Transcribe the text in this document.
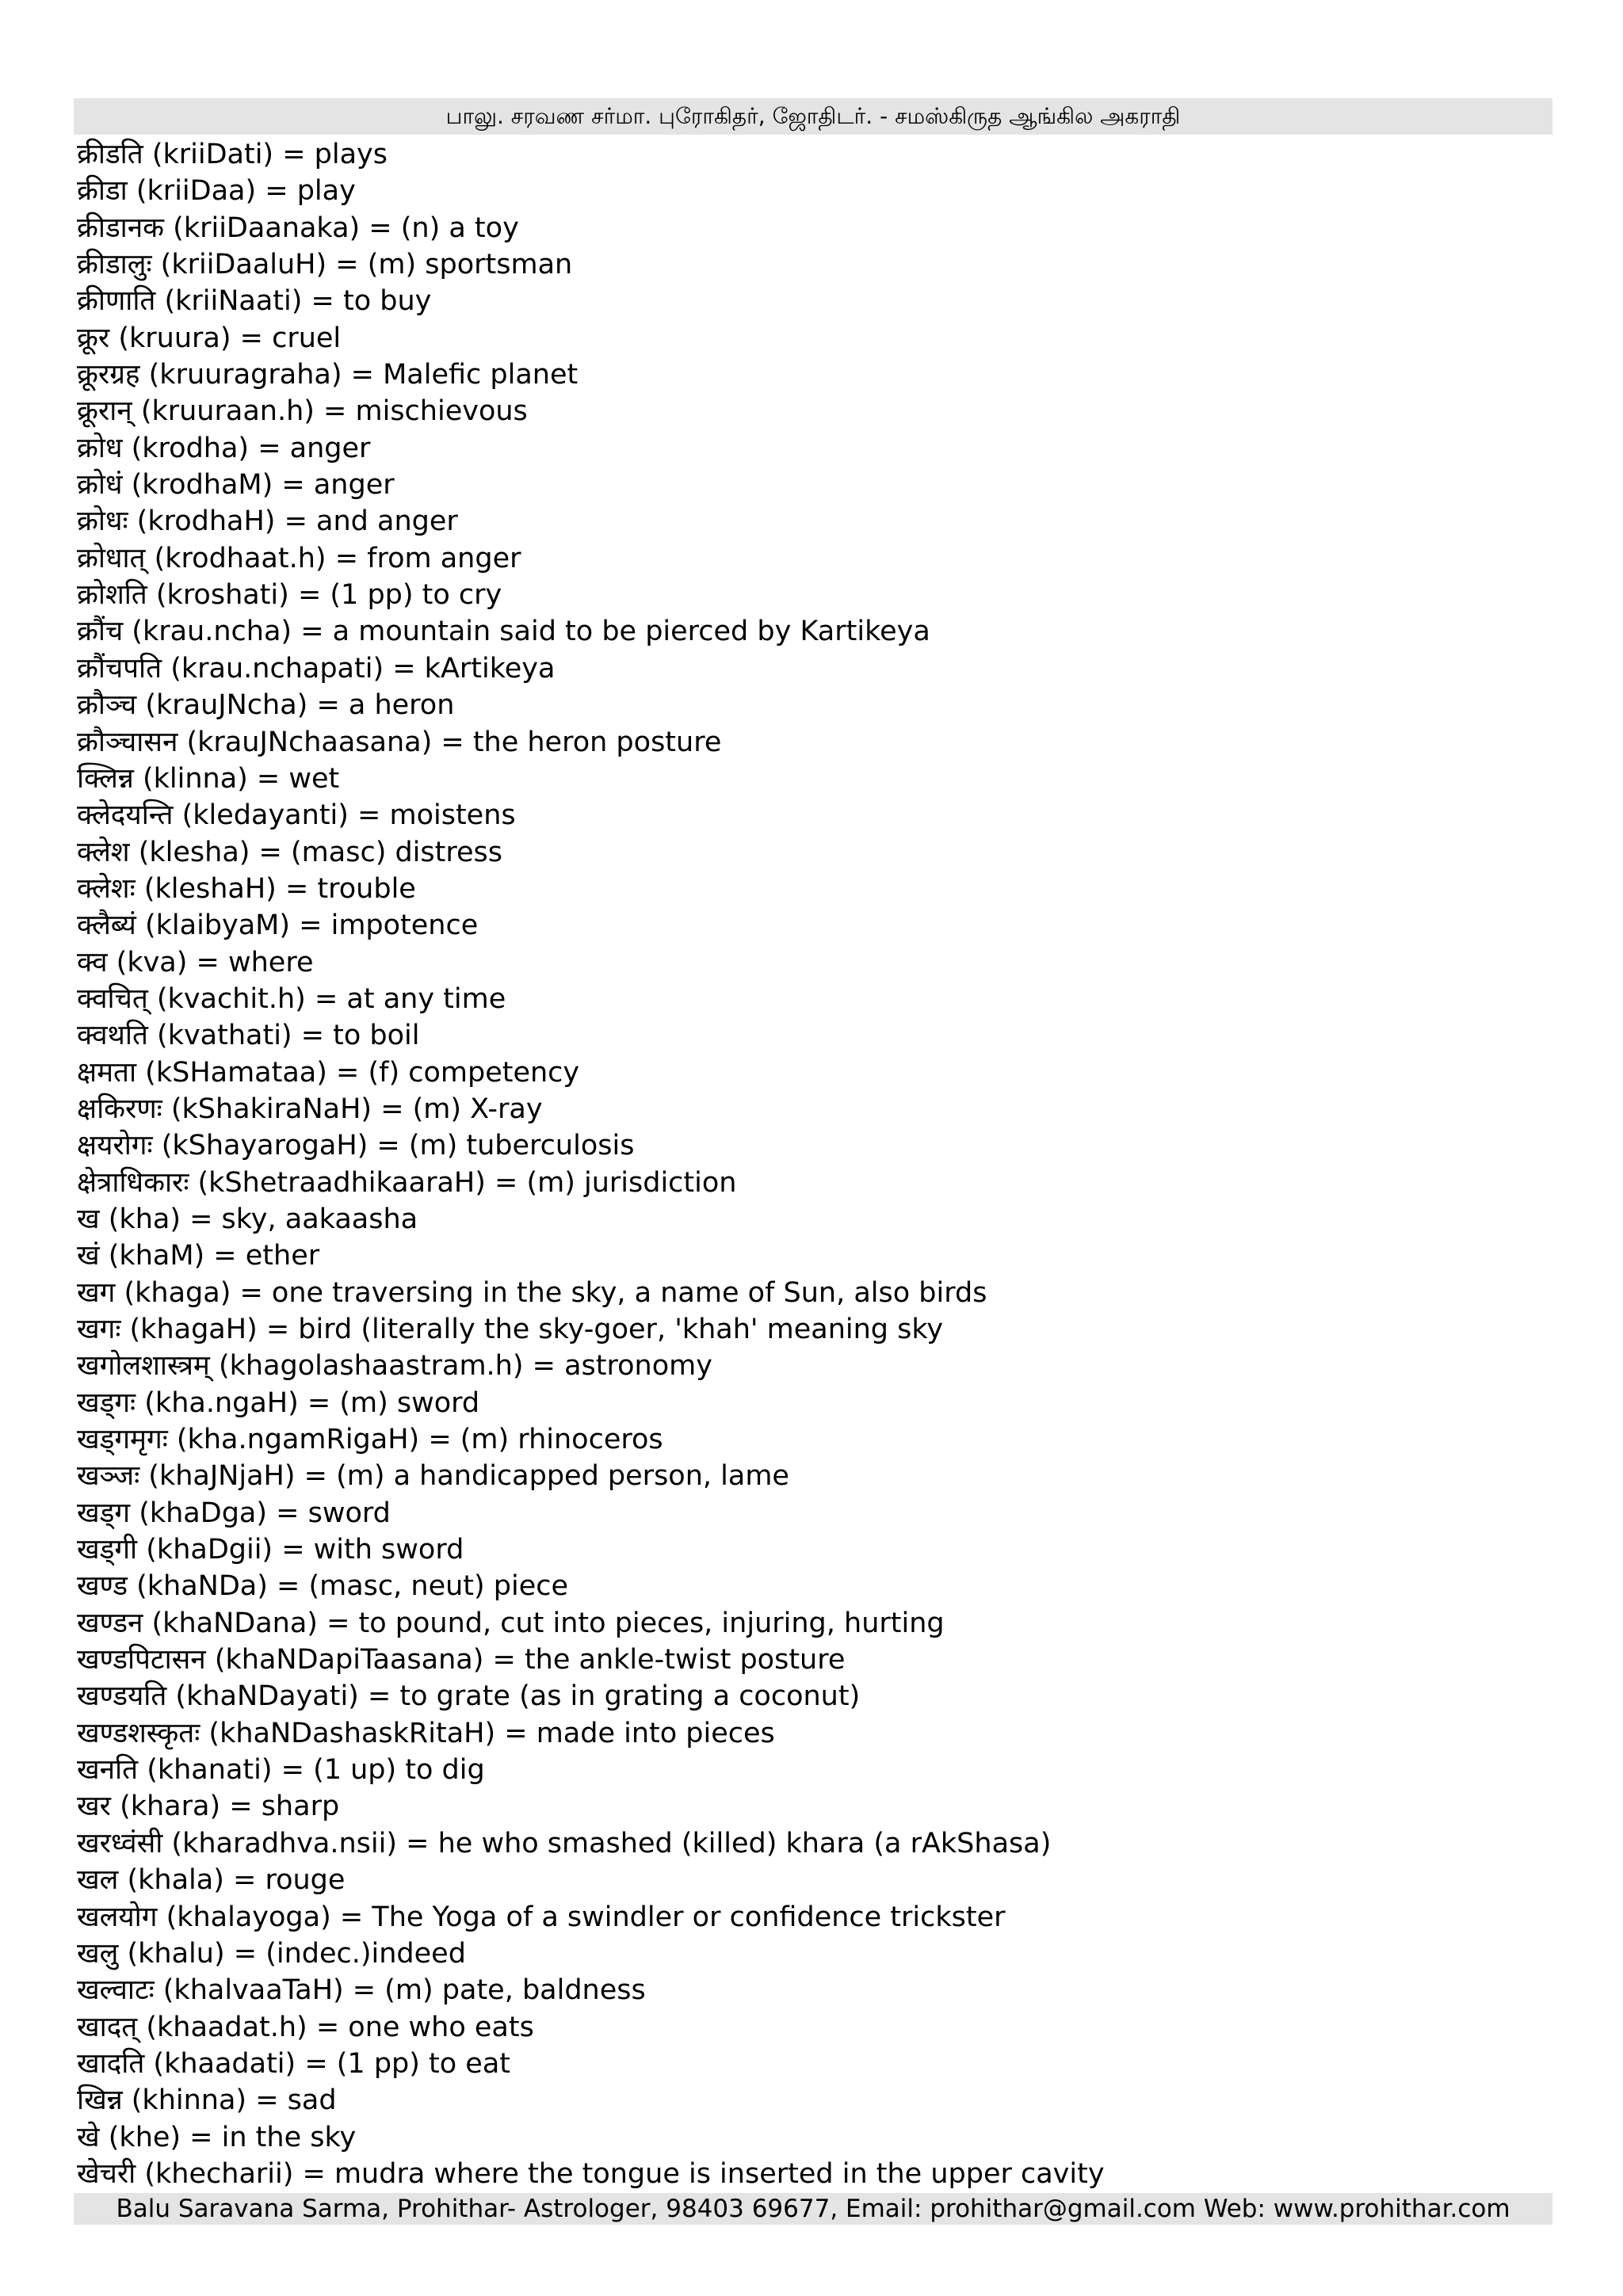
பாலு. சரவண சர்மா. புரோகிதர், ஜோதிடர். - சமஸ்கிருத ஆங்கில அகராதி
क्रीडति (kriiDati) = plays
क्रीडा (kriiDaa) = play
क्रीडानक (kriiDaanaka) = (n) a toy
क्रीडालुः (kriiDaaluH) = (m) sportsman
क्रीणाति (kriiNaati) = to buy
क्रूर (kruura) = cruel
क्रूरग्रह (kruuragraha) = Malefic planet
क्रूरान् (kruuraan.h) = mischievous
क्रोध (krodha) = anger
क्रोधं (krodhaM) = anger
क्रोधः (krodhaH) = and anger
क्रोधात् (krodhaat.h) = from anger
क्रोशति (kroshati) = (1 pp) to cry
क्रौंच (krau.ncha) = a mountain said to be pierced by Kartikeya
क्रौंचपति (krau.nchapati) = kArtikeya
क्रौञ्च (krauJNcha) = a heron
क्रौञ्चासन (krauJNchaasana) = the heron posture
क्लिन्न (klinna) = wet
क्लेदयन्ति (kledayanti) = moistens
क्लेश (klesha) = (masc) distress
क्लेशः (kleshaH) = trouble
क्लैब्यं (klaibyaM) = impotence
क्व (kva) = where
क्वचित् (kvachit.h) = at any time
क्वथति (kvathati) = to boil
क्षमता (kSHamataa) = (f) competency
क्षकिरणः (kShakiraNaH) = (m) X-ray
क्षयरोगः (kShayarogaH) = (m) tuberculosis
क्षेत्राधिकारः (kShetraadhikaaraH) = (m) jurisdiction
ख (kha) = sky, aakaasha
खं (khaM) = ether
खग (khaga) = one traversing in the sky, a name of Sun, also birds
खगः (khagaH) = bird (literally the sky-goer, 'khah' meaning sky
खगोलशास्त्रम् (khagolashaastram.h) = astronomy
खड्गः (kha.ngaH) = (m) sword
खड्गमृगः (kha.ngamRigaH) = (m) rhinoceros
खञ्जः (khaJNjaH) = (m) a handicapped person, lame
खड्ग (khaDga) = sword
खड्गी (khaDgii) = with sword
खण्ड (khaNDa) = (masc, neut) piece
खण्डन (khaNDana) = to pound, cut into pieces, injuring, hurting
खण्डपिटासन (khaNDapiTaasana) = the ankle-twist posture
खण्डयति (khaNDayati) = to grate (as in grating a coconut)
खण्डशस्कृतः (khaNDashaskRitaH) = made into pieces
खनति (khanati) = (1 up) to dig
खर (khara) = sharp
खरध्वंसी (kharadhva.nsii) = he who smashed (killed) khara (a rAkShasa)
खल (khala) = rouge
खलयोग (khalayoga) = The Yoga of a swindler or confidence trickster
खलु (khalu) = (indec.)indeed
खल्वाटः (khalvaaTaH) = (m) pate, baldness
खादत् (khaadat.h) = one who eats
खादति (khaadati) = (1 pp) to eat
खिन्न (khinna) = sad
खे (khe) = in the sky
खेचरी (khecharii) = mudra where the tongue is inserted in the upper cavity
Balu Saravana Sarma, Prohithar- Astrologer, 98403 69677, Email: prohithar@gmail.com Web: www.prohithar.com
